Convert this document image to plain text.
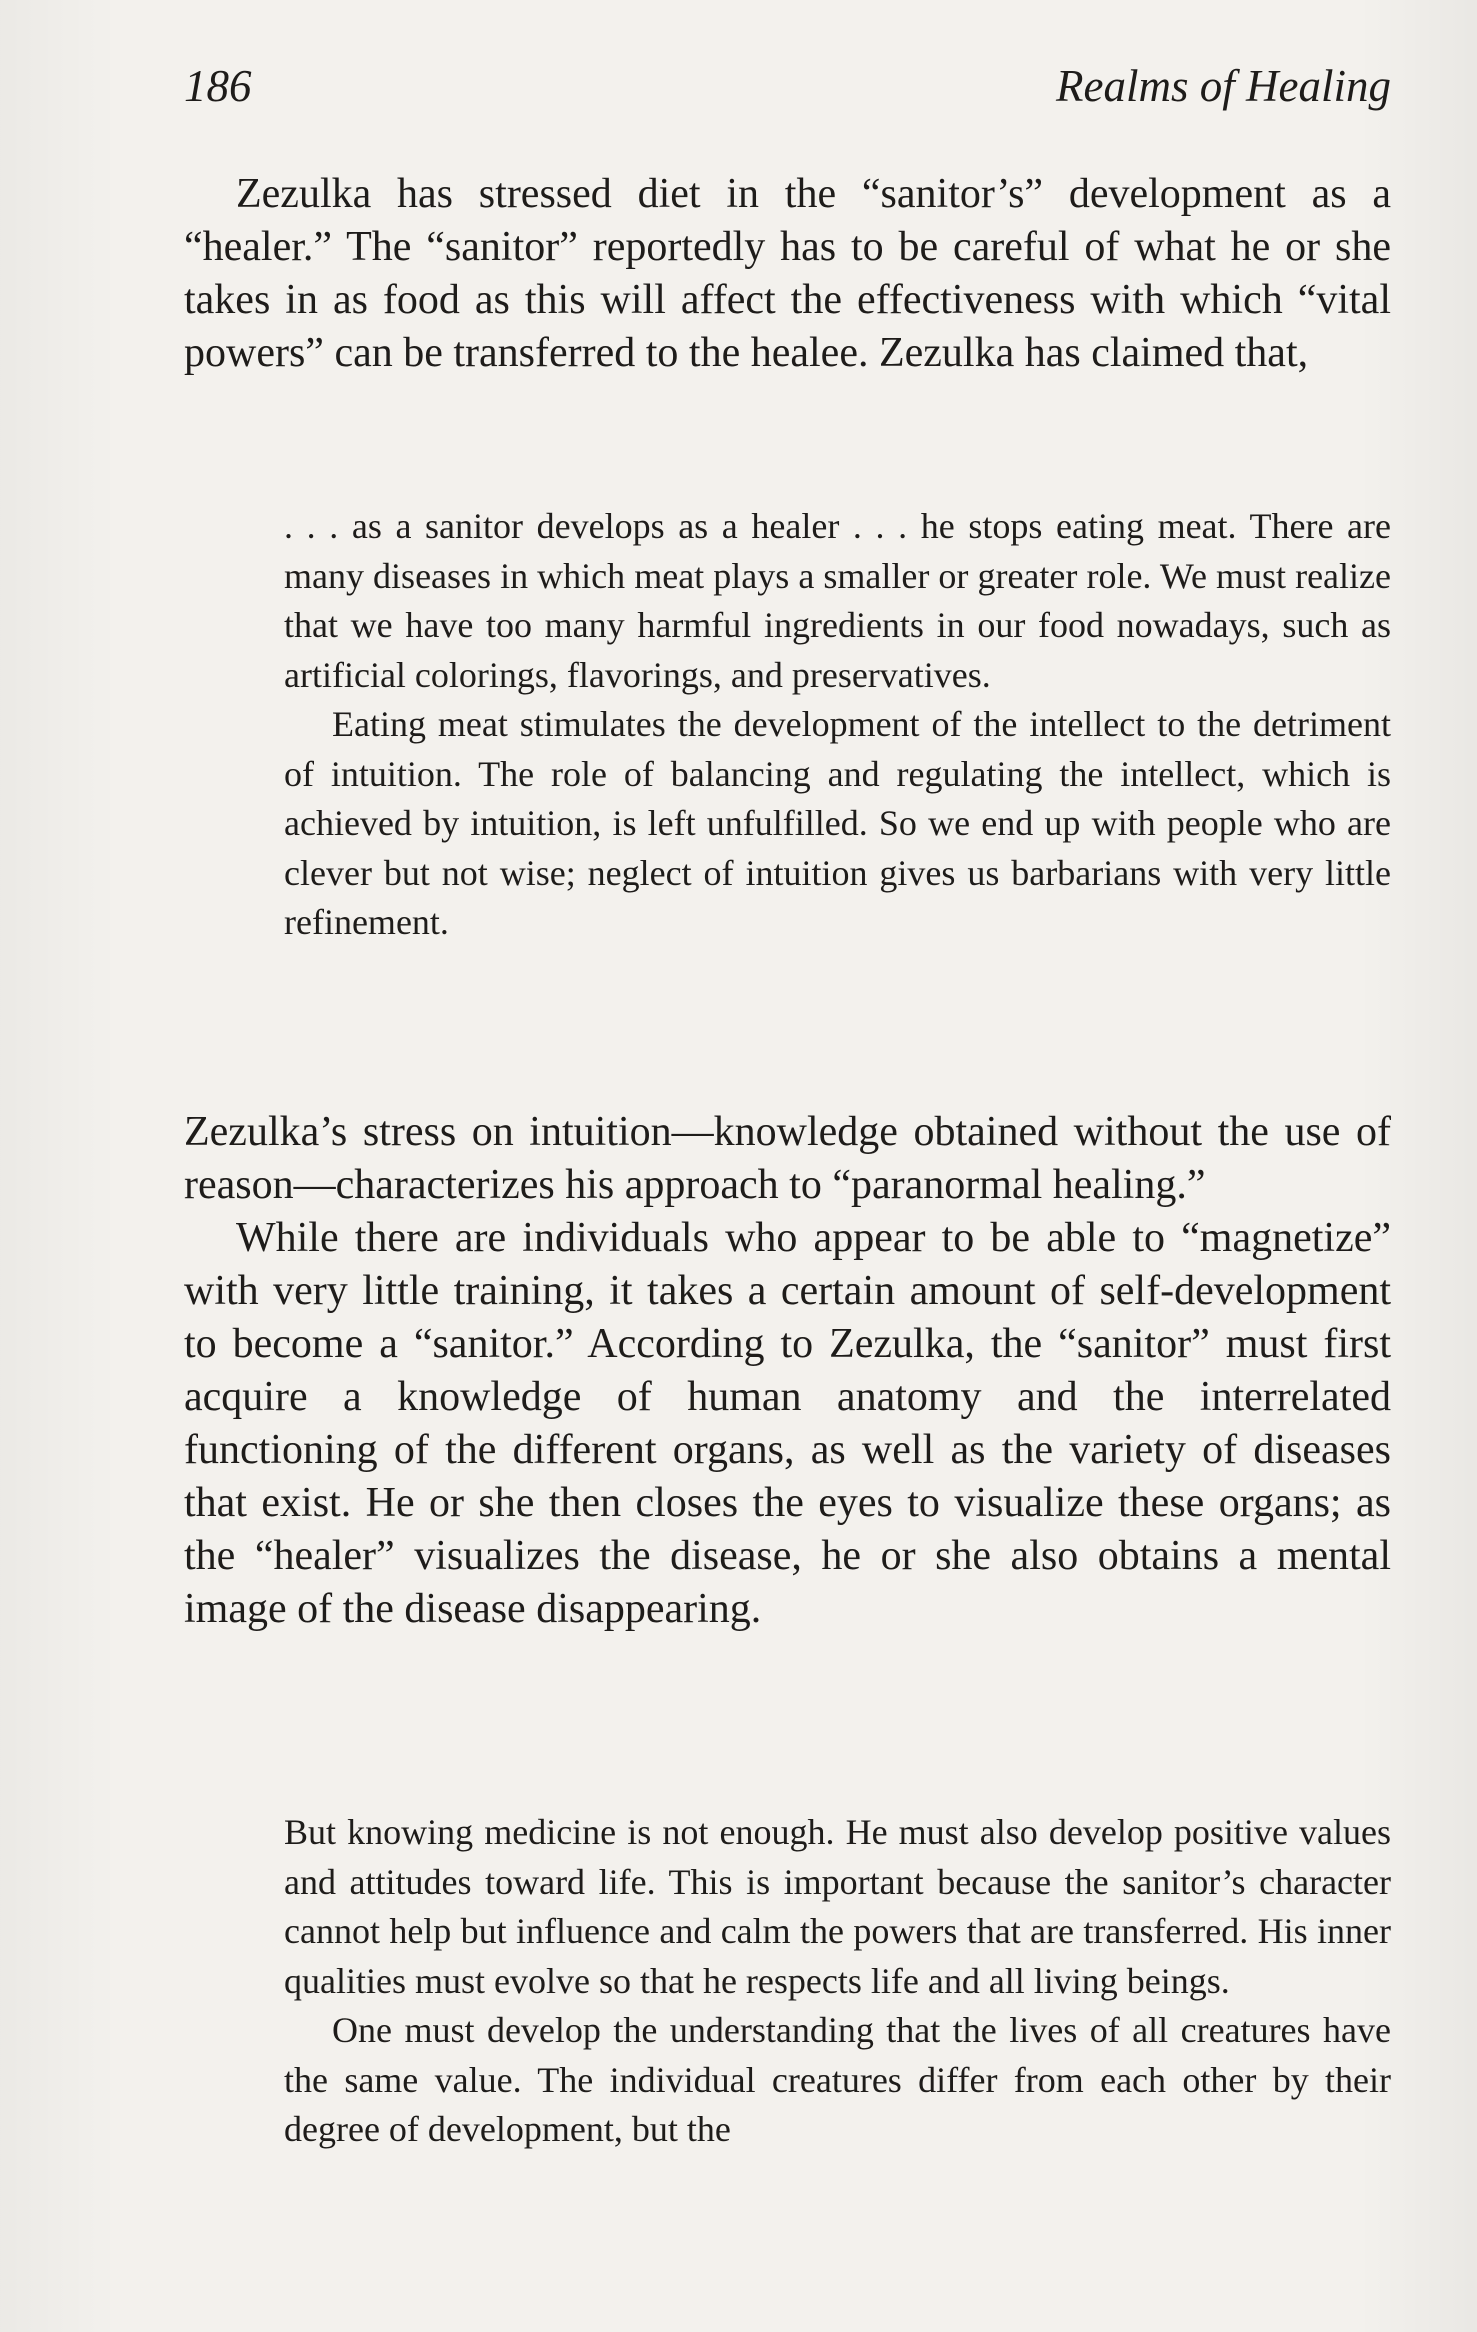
186	Realms of Healing

Zezulka has stressed diet in the “sanitor’s” development as a “healer.” The “sanitor” reportedly has to be careful of what he or she takes in as food as this will affect the effectiveness with which “vital powers” can be transferred to the healee. Zezulka has claimed that,

. . . as a sanitor develops as a healer . . . he stops eating meat. There are many diseases in which meat plays a smaller or greater role. We must realize that we have too many harmful ingredients in our food nowadays, such as artificial colorings, flavorings, and preservatives.

Eating meat stimulates the development of the intellect to the detriment of intuition. The role of balancing and regulating the intellect, which is achieved by intuition, is left unfulfilled. So we end up with people who are clever but not wise; neglect of intuition gives us barbarians with very little refinement.

Zezulka’s stress on intuition—knowledge obtained without the use of reason—characterizes his approach to “paranormal healing.”

While there are individuals who appear to be able to “magnetize” with very little training, it takes a certain amount of self-development to become a “sanitor.” According to Zezulka, the “sanitor” must first acquire a knowledge of human anatomy and the interrelated functioning of the different organs, as well as the variety of diseases that exist. He or she then closes the eyes to visualize these organs; as the “healer” visualizes the disease, he or she also obtains a mental image of the disease disappearing.

But knowing medicine is not enough. He must also develop positive values and attitudes toward life. This is important because the sanitor’s character cannot help but influence and calm the powers that are transferred. His inner qualities must evolve so that he respects life and all living beings.

One must develop the understanding that the lives of all creatures have the same value. The individual creatures differ from each other by their degree of development, but the
